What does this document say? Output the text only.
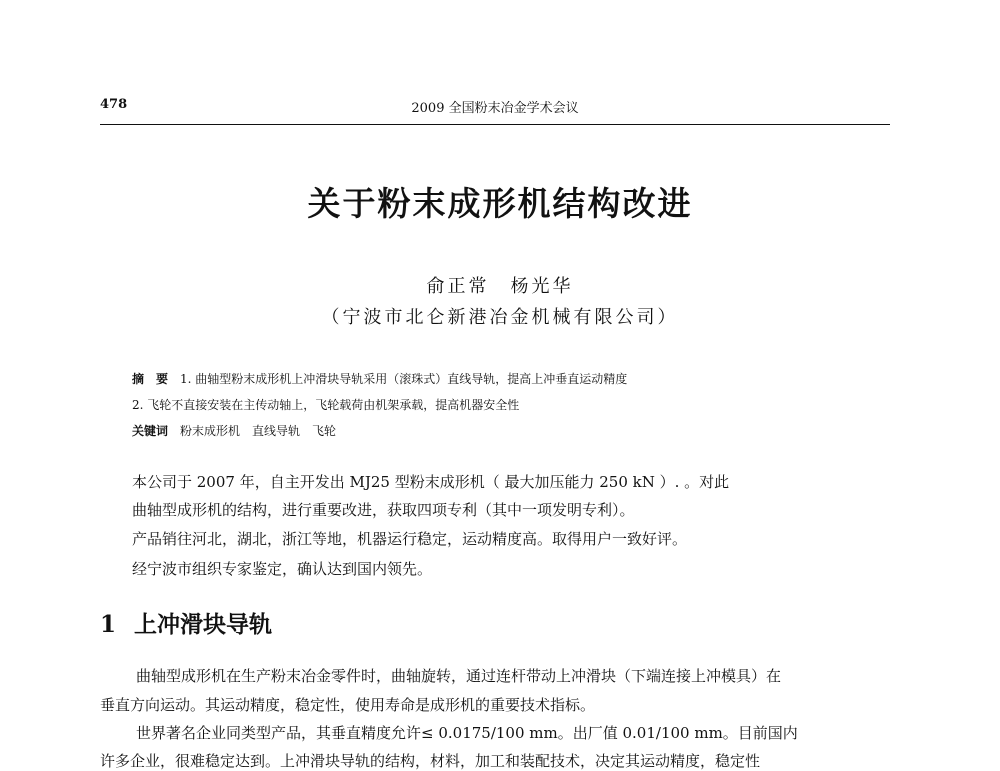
478	2009 全国粉末冶金学术会议
关于粉末成形机结构改进
俞正常　杨光华
（宁波市北仑新港冶金机械有限公司）
摘　要 1. 曲轴型粉末成形机上冲滑块导轨采用（滚珠式）直线导轨，提高上冲垂直运动精度
2. 飞轮不直接安装在主传动轴上，飞轮载荷由机架承载，提高机器安全性
关键词 粉末成形机　直线导轨　飞轮
本公司于 2007 年，自主开发出 MJ25 型粉末成形机（ 最大加压能力 250 kN ）. 。对此
曲轴型成形机的结构，进行重要改进，获取四项专利（其中一项发明专利）。
产品销往河北，湖北，浙江等地，机器运行稳定，运动精度高。取得用户一致好评。
经宁波市组织专家鉴定，确认达到国内领先。
1 上冲滑块导轨
曲轴型成形机在生产粉末冶金零件时，曲轴旋转，通过连杆带动上冲滑块（下端连接上冲模具）在
垂直方向运动。其运动精度，稳定性，使用寿命是成形机的重要技术指标。
世界著名企业同类型产品，其垂直精度允许≤ 0.0175/100 mm。出厂值 0.01/100 mm。目前国内
许多企业，很难稳定达到。上冲滑块导轨的结构，材料，加工和装配技术，决定其运动精度，稳定性
